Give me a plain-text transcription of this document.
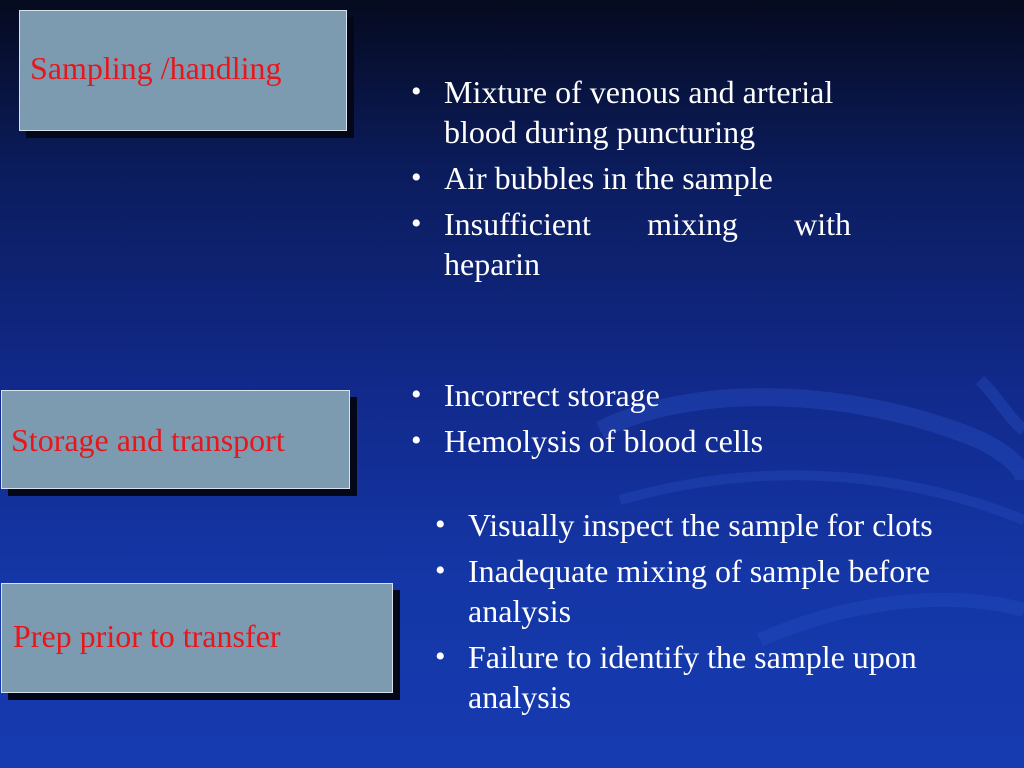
Sampling /handling
Storage and transport
Prep prior to transfer
• Mixture of venous and arterial blood during puncturing
• Air bubbles in the sample
• Insufficient mixing with heparin
• Incorrect storage
• Hemolysis of blood cells
• Visually inspect the sample for clots
• Inadequate mixing of sample before analysis
• Failure to identify the sample upon analysis
